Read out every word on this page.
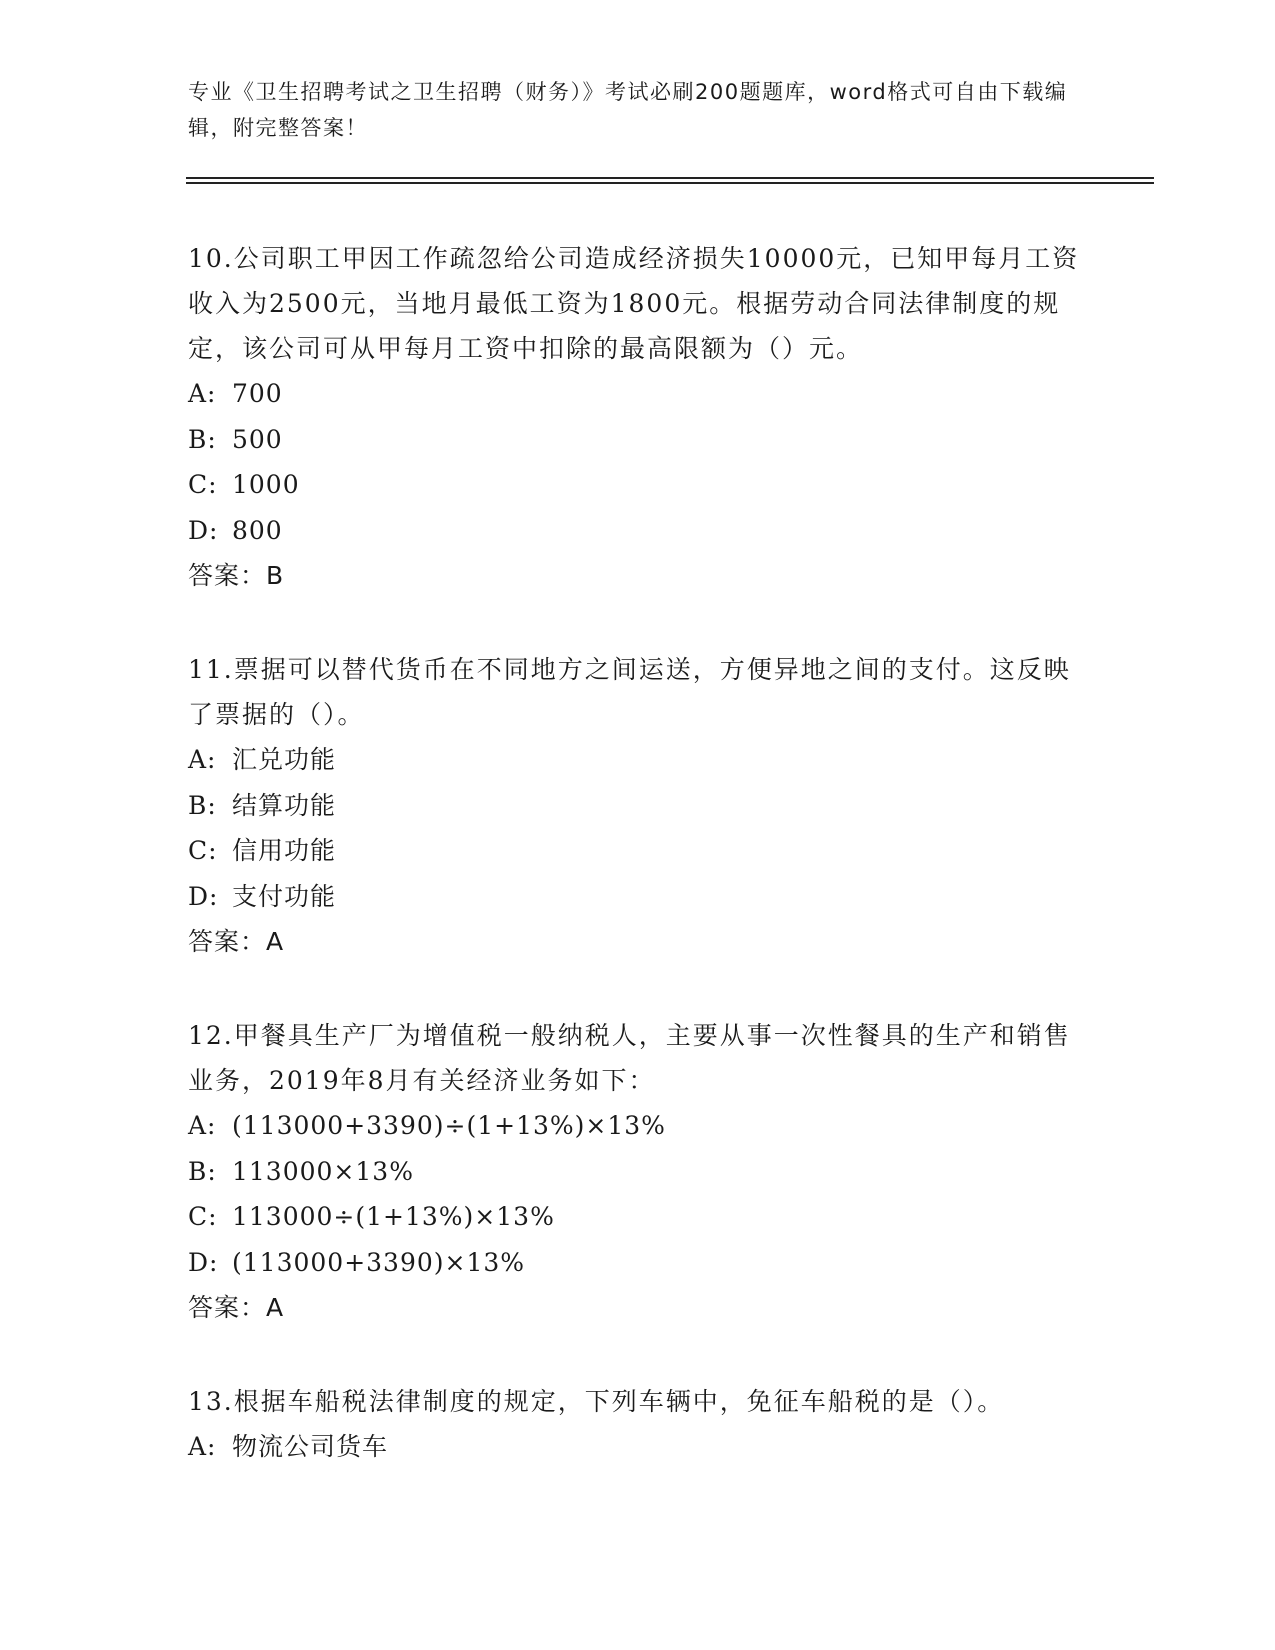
专业《卫生招聘考试之卫生招聘（财务）》考试必刷200题题库，word格式可自由下载编辑，附完整答案！
10.公司职工甲因工作疏忽给公司造成经济损失10000元，已知甲每月工资收入为2500元，当地月最低工资为1800元。根据劳动合同法律制度的规定，该公司可从甲每月工资中扣除的最高限额为（）元。
A: 700
B: 500
C: 1000
D: 800
答案：B
11.票据可以替代货币在不同地方之间运送，方便异地之间的支付。这反映了票据的（）。
A: 汇兑功能
B: 结算功能
C: 信用功能
D: 支付功能
答案：A
12.甲餐具生产厂为增值税一般纳税人，主要从事一次性餐具的生产和销售业务，2019年8月有关经济业务如下：
A: (113000+3390)÷(1+13%)×13%
B: 113000×13%
C: 113000÷(1+13%)×13%
D: (113000+3390)×13%
答案：A
13.根据车船税法律制度的规定，下列车辆中，免征车船税的是（）。
A: 物流公司货车
